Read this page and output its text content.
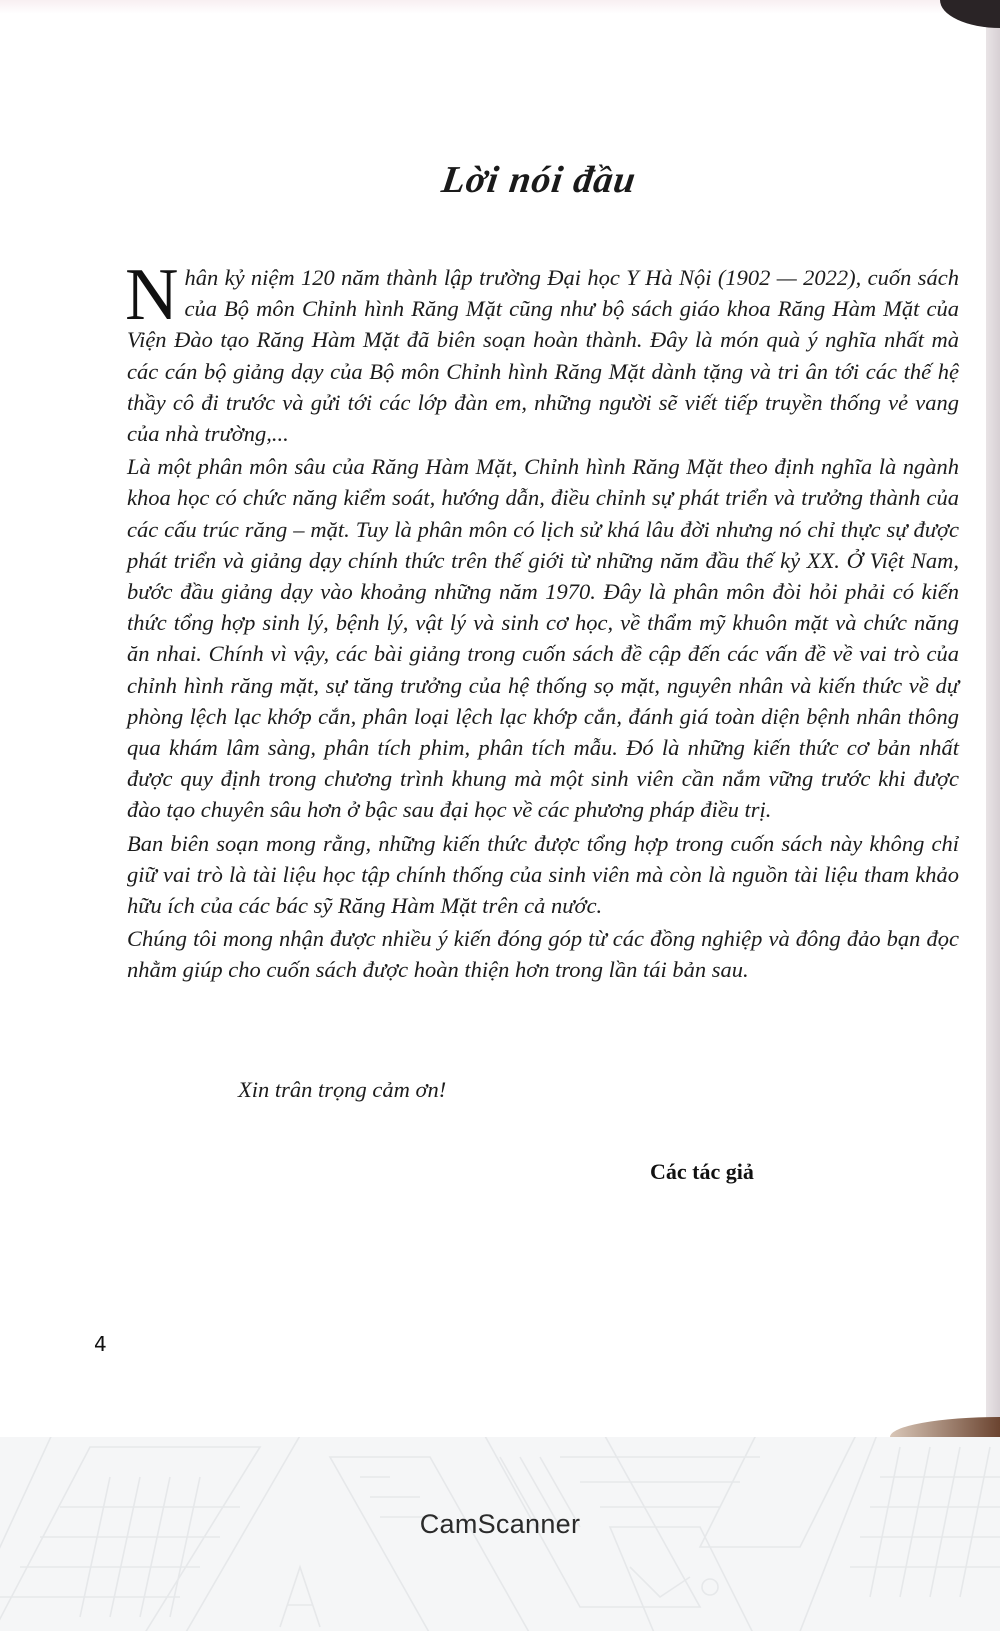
Lời nói đầu

Nhân kỷ niệm 120 năm thành lập trường Đại học Y Hà Nội (1902 — 2022), cuốn sách của Bộ môn Chỉnh hình Răng Mặt cũng như bộ sách giáo khoa Răng Hàm Mặt của Viện Đào tạo Răng Hàm Mặt đã biên soạn hoàn thành. Đây là món quà ý nghĩa nhất mà các cán bộ giảng dạy của Bộ môn Chỉnh hình Răng Mặt dành tặng và tri ân tới các thế hệ thầy cô đi trước và gửi tới các lớp đàn em, những người sẽ viết tiếp truyền thống vẻ vang của nhà trường,...

Là một phân môn sâu của Răng Hàm Mặt, Chỉnh hình Răng Mặt theo định nghĩa là ngành khoa học có chức năng kiểm soát, hướng dẫn, điều chỉnh sự phát triển và trưởng thành của các cấu trúc răng – mặt. Tuy là phân môn có lịch sử khá lâu đời nhưng nó chỉ thực sự được phát triển và giảng dạy chính thức trên thế giới từ những năm đầu thế kỷ XX. Ở Việt Nam, bước đầu giảng dạy vào khoảng những năm 1970. Đây là phân môn đòi hỏi phải có kiến thức tổng hợp sinh lý, bệnh lý, vật lý và sinh cơ học, về thẩm mỹ khuôn mặt và chức năng ăn nhai. Chính vì vậy, các bài giảng trong cuốn sách đề cập đến các vấn đề về vai trò của chỉnh hình răng mặt, sự tăng trưởng của hệ thống sọ mặt, nguyên nhân và kiến thức về dự phòng lệch lạc khớp cắn, phân loại lệch lạc khớp cắn, đánh giá toàn diện bệnh nhân thông qua khám lâm sàng, phân tích phim, phân tích mẫu. Đó là những kiến thức cơ bản nhất được quy định trong chương trình khung mà một sinh viên cần nắm vững trước khi được đào tạo chuyên sâu hơn ở bậc sau đại học về các phương pháp điều trị.

Ban biên soạn mong rằng, những kiến thức được tổng hợp trong cuốn sách này không chỉ giữ vai trò là tài liệu học tập chính thống của sinh viên mà còn là nguồn tài liệu tham khảo hữu ích của các bác sỹ Răng Hàm Mặt trên cả nước.

Chúng tôi mong nhận được nhiều ý kiến đóng góp từ các đồng nghiệp và đông đảo bạn đọc nhằm giúp cho cuốn sách được hoàn thiện hơn trong lần tái bản sau.

Xin trân trọng cảm ơn!
Các tác giả
4
CamScanner
